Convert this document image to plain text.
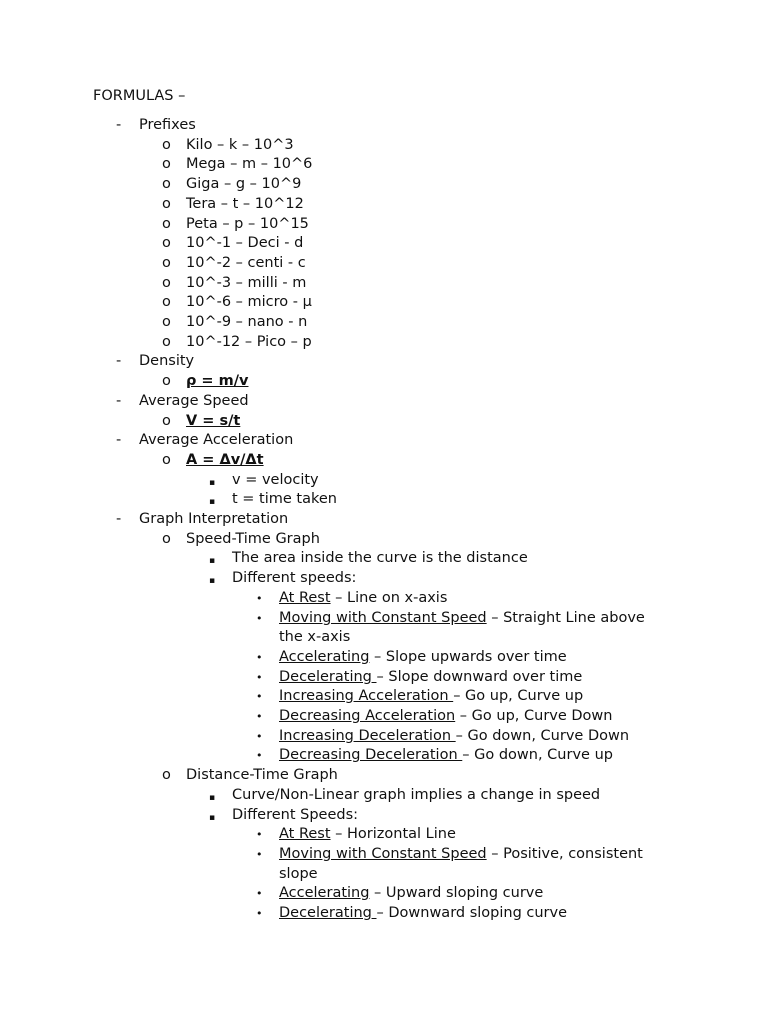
FORMULAS –
- Prefixes
o Kilo – k – 10^3
o Mega – m – 10^6
o Giga – g – 10^9
o Tera – t – 10^12
o Peta – p – 10^15
o 10^-1 – Deci - d
o 10^-2 – centi - c
o 10^-3 – milli - m
o 10^-6 – micro - µ
o 10^-9 – nano - n
o 10^-12 – Pico – p
- Density
o ρ = m/v
- Average Speed
o V = s/t
- Average Acceleration
o A = Δv/Δt
▪ v = velocity
▪ t = time taken
- Graph Interpretation
o Speed-Time Graph
▪ The area inside the curve is the distance
▪ Different speeds:
• At Rest – Line on x-axis
• Moving with Constant Speed – Straight Line above
the x-axis
• Accelerating – Slope upwards over time
• Decelerating – Slope downward over time
• Increasing Acceleration – Go up, Curve up
• Decreasing Acceleration – Go up, Curve Down
• Increasing Deceleration – Go down, Curve Down
• Decreasing Deceleration – Go down, Curve up
o Distance-Time Graph
▪ Curve/Non-Linear graph implies a change in speed
▪ Different Speeds:
• At Rest – Horizontal Line
• Moving with Constant Speed – Positive, consistent
slope
• Accelerating – Upward sloping curve
• Decelerating – Downward sloping curve
